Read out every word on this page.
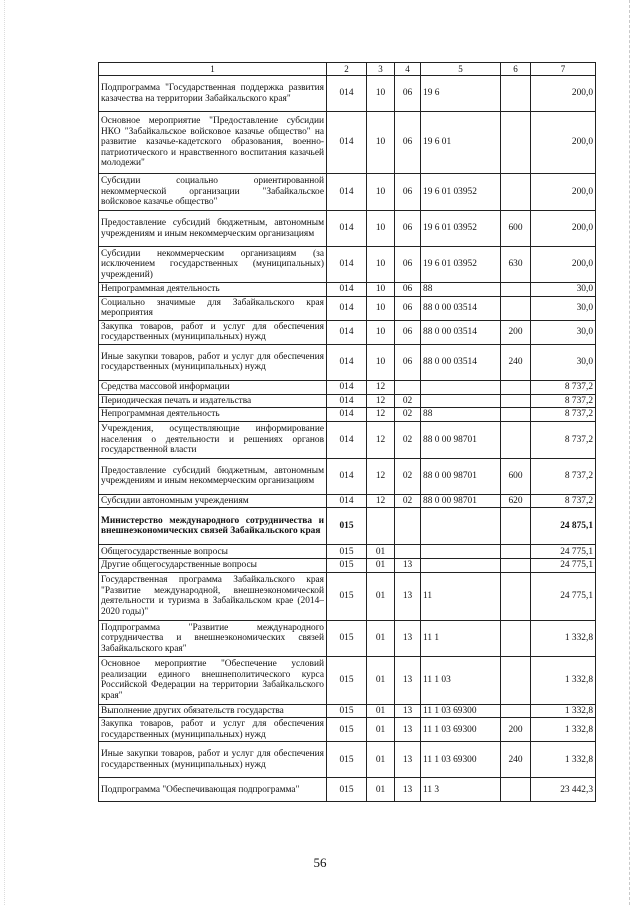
1	2	3	4	5	6	7
Подпрограмма "Государственная поддержка развития казачества на территории Забайкальского края"	014	10	06	19 6		200,0
Основное мероприятие "Предоставление субсидии НКО "Забайкальское войсковое казачье общество" на развитие казачье-кадетского образования, военно-патриотического и нравственного воспитания казачьей молодежи"	014	10	06	19 6 01		200,0
Субсидии социально ориентированной некоммерческой организации "Забайкальское войсковое казачье общество"	014	10	06	19 6 01 03952		200,0
Предоставление субсидий бюджетным, автономным учреждениям и иным некоммерческим организациям	014	10	06	19 6 01 03952	600	200,0
Субсидии некоммерческим организациям (за исключением государственных (муниципальных) учреждений)	014	10	06	19 6 01 03952	630	200,0
Непрограммная деятельность	014	10	06	88		30,0
Социально значимые для Забайкальского края мероприятия	014	10	06	88 0 00 03514		30,0
Закупка товаров, работ и услуг для обеспечения государственных (муниципальных) нужд	014	10	06	88 0 00 03514	200	30,0
Иные закупки товаров, работ и услуг для обеспечения государственных (муниципальных) нужд	014	10	06	88 0 00 03514	240	30,0
Средства массовой информации	014	12				8 737,2
Периодическая печать и издательства	014	12	02			8 737,2
Непрограммная деятельность	014	12	02	88		8 737,2
Учреждения, осуществляющие информирование населения о деятельности и решениях органов государственной власти	014	12	02	88 0 00 98701		8 737,2
Предоставление субсидий бюджетным, автономным учреждениям и иным некоммерческим организациям	014	12	02	88 0 00 98701	600	8 737,2
Субсидии автономным учреждениям	014	12	02	88 0 00 98701	620	8 737,2
Министерство международного сотрудничества и внешнеэкономических связей Забайкальского края	015					24 875,1
Общегосударственные вопросы	015	01				24 775,1
Другие общегосударственные вопросы	015	01	13			24 775,1
Государственная программа Забайкальского края "Развитие международной, внешнеэкономической деятельности и туризма в Забайкальском крае (2014–2020 годы)"	015	01	13	11		24 775,1
Подпрограмма "Развитие международного сотрудничества и внешнеэкономических связей Забайкальского края"	015	01	13	11 1		1 332,8
Основное мероприятие "Обеспечение условий реализации единого внешнеполитического курса Российской Федерации на территории Забайкальского края"	015	01	13	11 1 03		1 332,8
Выполнение других обязательств государства	015	01	13	11 1 03 69300		1 332,8
Закупка товаров, работ и услуг для обеспечения государственных (муниципальных) нужд	015	01	13	11 1 03 69300	200	1 332,8
Иные закупки товаров, работ и услуг для обеспечения государственных (муниципальных) нужд	015	01	13	11 1 03 69300	240	1 332,8
Подпрограмма "Обеспечивающая подпрограмма"	015	01	13	11 3		23 442,3
56
